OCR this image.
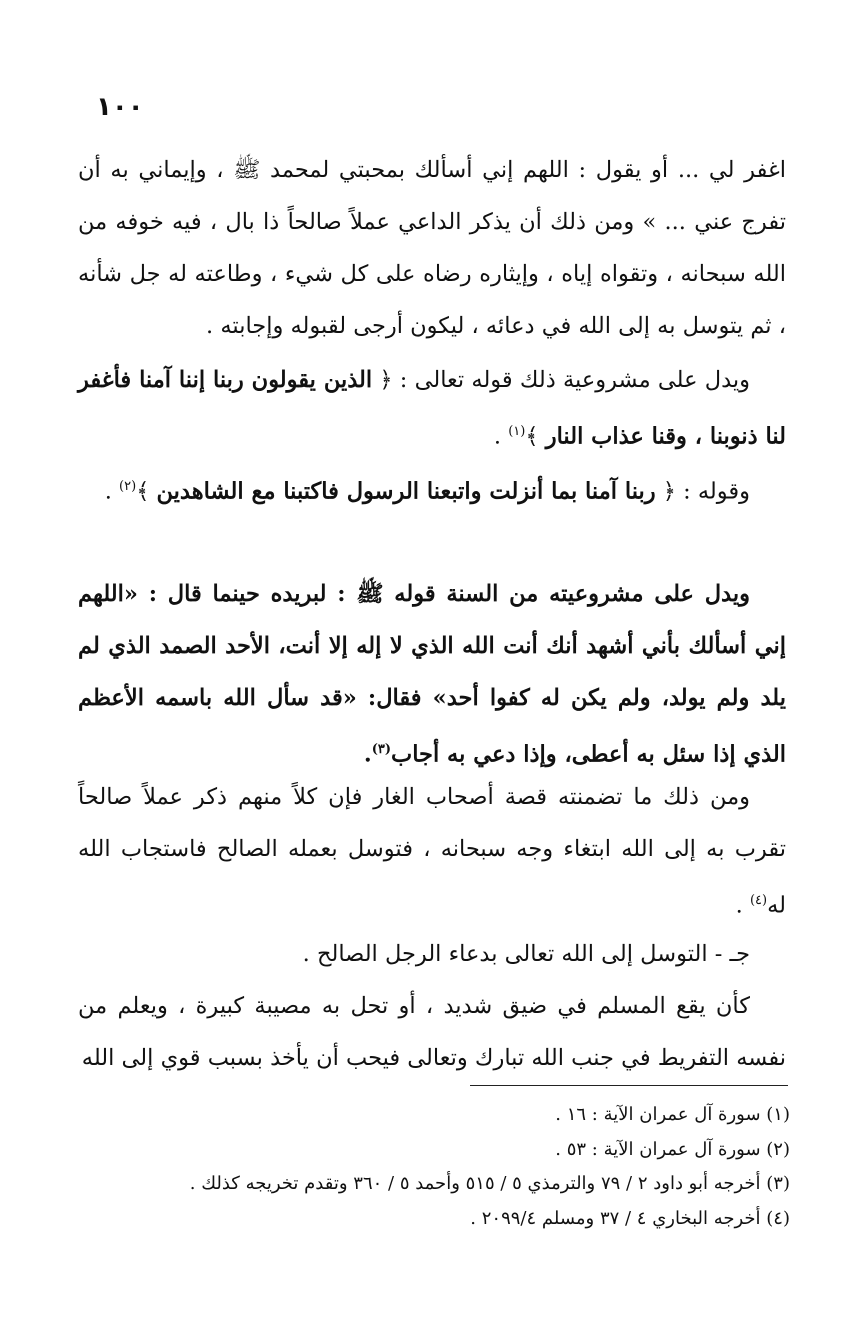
١٠٠

اغفر لي ... أو يقول : اللهم إني أسألك بمحبتي لمحمد ﷺ ، وإيماني به أن تفرج عني ... » ومن ذلك أن يذكر الداعي عملاً صالحاً ذا بال ، فيه خوفه من الله سبحانه ، وتقواه إياه ، وإيثاره رضاه على كل شيء ، وطاعته له جل شأنه ، ثم يتوسل به إلى الله في دعائه ، ليكون أرجى لقبوله وإجابته .

ويدل على مشروعية ذلك قوله تعالى : ﴿ الذين يقولون ربنا إننا آمنا فأغفر لنا ذنوبنا ، وقنا عذاب النار ﴾$^{(١)}$ .

وقوله : ﴿ ربنا آمنا بما أنزلت واتبعنا الرسول فاكتبنا مع الشاهدين ﴾$^{(٢)}$ .

ويدل على مشروعيته من السنة قوله ﷺ : لبريده حينما قال : «اللهم إني أسألك بأني أشهد أنك أنت الله الذي لا إله إلا أنت، الأحد الصمد الذي لم يلد ولم يولد، ولم يكن له كفوا أحد» فقال: «قد سأل الله باسمه الأعظم الذي إذا سئل به أعطى، وإذا دعي به أجاب$^{(٣)}$.

ومن ذلك ما تضمنته قصة أصحاب الغار فإن كلاً منهم ذكر عملاً صالحاً تقرب به إلى الله ابتغاء وجه سبحانه ، فتوسل بعمله الصالح فاستجاب الله له$^{(٤)}$ .

جـ - التوسل إلى الله تعالى بدعاء الرجل الصالح .

كأن يقع المسلم في ضيق شديد ، أو تحل به مصيبة كبيرة ، ويعلم من نفسه التفريط في جنب الله تبارك وتعالى فيحب أن يأخذ بسبب قوي إلى الله

(١) سورة آل عمران الآية : ١٦ .
(٢) سورة آل عمران الآية : ٥٣ .
(٣) أخرجه أبو داود ٢ / ٧٩ والترمذي ٥ / ٥١٥ وأحمد ٥ / ٣٦٠ وتقدم تخريجه كذلك .
(٤) أخرجه البخاري ٤ / ٣٧ ومسلم ٢٠٩٩/٤ .
